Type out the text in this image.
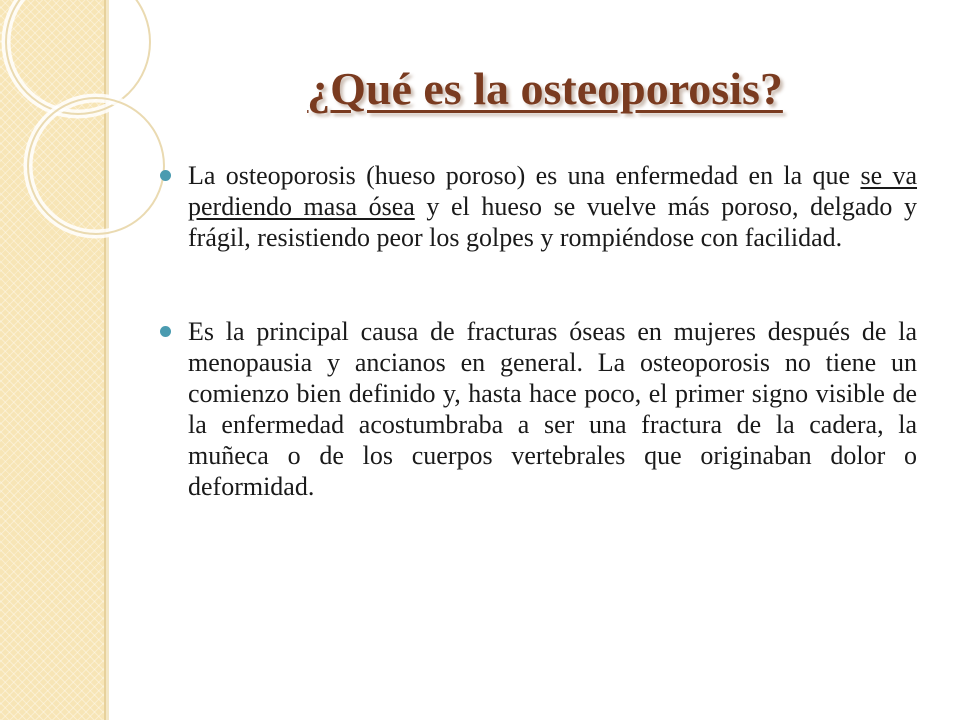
¿Qué es la osteoporosis?
La osteoporosis (hueso poroso) es una enfermedad en la que se va perdiendo masa ósea y el hueso se vuelve más poroso, delgado y frágil, resistiendo peor los golpes y rompiéndose con facilidad.
Es la principal causa de fracturas óseas en mujeres después de la menopausia y ancianos en general. La osteoporosis no tiene un comienzo bien definido y, hasta hace poco, el primer signo visible de la enfermedad acostumbraba a ser una fractura de la cadera, la muñeca o de los cuerpos vertebrales que originaban dolor o deformidad.
